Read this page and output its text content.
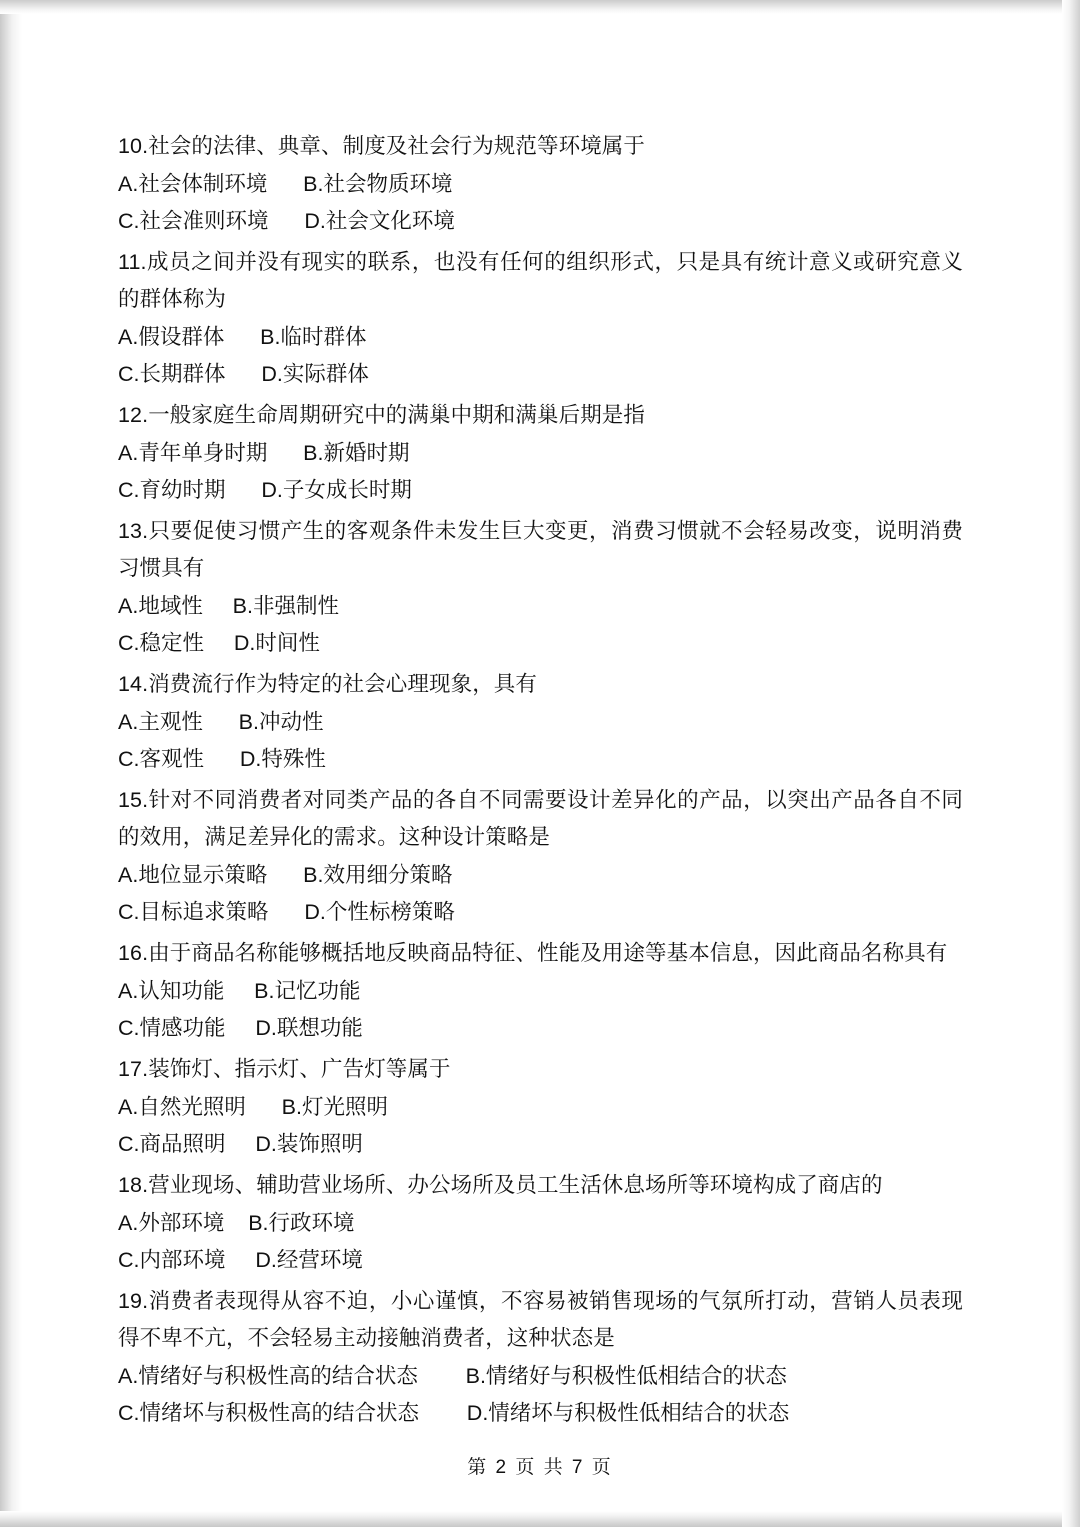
10.社会的法律、典章、制度及社会行为规范等环境属于

A.社会体制环境      B.社会物质环境

C.社会准则环境      D.社会文化环境

11.成员之间并没有现实的联系，也没有任何的组织形式，只是具有统计意义或研究意义的群体称为

A.假设群体      B.临时群体

C.长期群体      D.实际群体

12.一般家庭生命周期研究中的满巢中期和满巢后期是指

A.青年单身时期      B.新婚时期

C.育幼时期      D.子女成长时期

13.只要促使习惯产生的客观条件未发生巨大变更，消费习惯就不会轻易改变，说明消费习惯具有

A.地域性     B.非强制性

C.稳定性     D.时间性

14.消费流行作为特定的社会心理现象，具有

A.主观性      B.冲动性

C.客观性      D.特殊性

15.针对不同消费者对同类产品的各自不同需要设计差异化的产品，以突出产品各自不同的效用，满足差异化的需求。这种设计策略是

A.地位显示策略      B.效用细分策略

C.目标追求策略      D.个性标榜策略

16.由于商品名称能够概括地反映商品特征、性能及用途等基本信息，因此商品名称具有

A.认知功能     B.记忆功能

C.情感功能     D.联想功能

17.装饰灯、指示灯、广告灯等属于

A.自然光照明      B.灯光照明

C.商品照明     D.装饰照明

18.营业现场、辅助营业场所、办公场所及员工生活休息场所等环境构成了商店的

A.外部环境    B.行政环境

C.内部环境     D.经营环境

19.消费者表现得从容不迫，小心谨慎，不容易被销售现场的气氛所打动，营销人员表现得不卑不亢，不会轻易主动接触消费者，这种状态是

A.情绪好与积极性高的结合状态        B.情绪好与积极性低相结合的状态

C.情绪坏与积极性高的结合状态        D.情绪坏与积极性低相结合的状态

第 2 页 共 7 页
